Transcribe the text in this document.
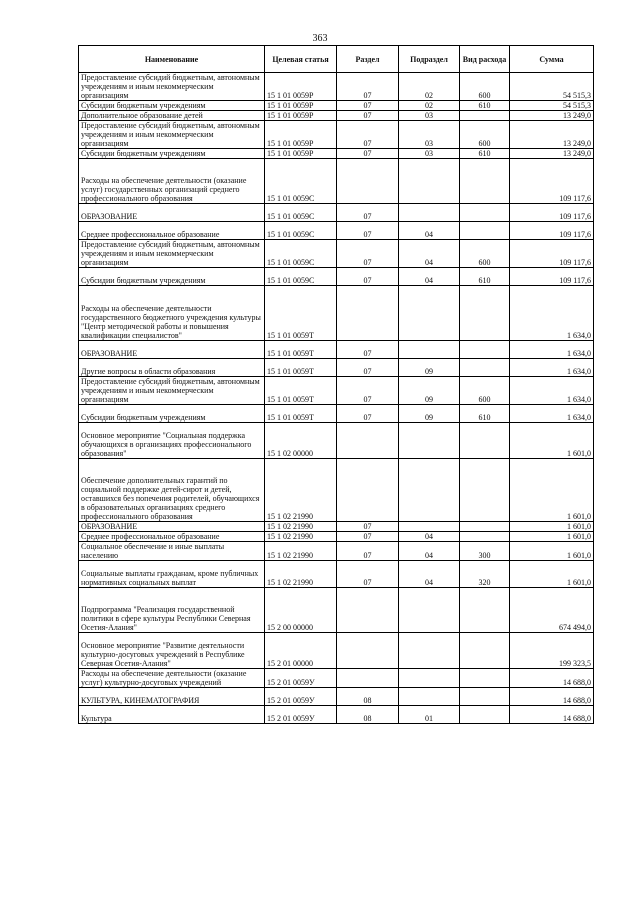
363
Наименование	Целевая статья	Раздел	Подраздел	Вид расхода	Сумма
Предоставление субсидий бюджетным, автономным учреждениям и иным некоммерческим организациям	15 1 01 0059Р	07	02	600	54 515,3
Субсидии бюджетным учреждениям	15 1 01 0059Р	07	02	610	54 515,3
Дополнительное образование детей	15 1 01 0059Р	07	03		13 249,0
Предоставление субсидий бюджетным, автономным учреждениям и иным некоммерческим организациям	15 1 01 0059Р	07	03	600	13 249,0
Субсидии бюджетным учреждениям	15 1 01 0059Р	07	03	610	13 249,0
Расходы на обеспечение деятельности (оказание услуг) государственных организаций среднего профессионального образования	15 1 01 0059С				109 117,6
ОБРАЗОВАНИЕ	15 1 01 0059С	07			109 117,6
Среднее профессиональное образование	15 1 01 0059С	07	04		109 117,6
Предоставление субсидий бюджетным, автономным учреждениям и иным некоммерческим организациям	15 1 01 0059С	07	04	600	109 117,6
Субсидии бюджетным учреждениям	15 1 01 0059С	07	04	610	109 117,6
Расходы на обеспечение деятельности государственного бюджетного учреждения культуры "Центр методической работы и повышения квалификации специалистов"	15 1 01 0059Т				1 634,0
ОБРАЗОВАНИЕ	15 1 01 0059Т	07			1 634,0
Другие вопросы в области образования	15 1 01 0059Т	07	09		1 634,0
Предоставление субсидий бюджетным, автономным учреждениям и иным некоммерческим организациям	15 1 01 0059Т	07	09	600	1 634,0
Субсидии бюджетным учреждениям	15 1 01 0059Т	07	09	610	1 634,0
Основное мероприятие "Социальная поддержка обучающихся в организациях профессионального образования"	15 1 02 00000				1 601,0
Обеспечение дополнительных гарантий по социальной поддержке детей-сирот и детей, оставшихся без попечения родителей, обучающихся в образовательных организациях среднего профессионального образования	15 1 02 21990				1 601,0
ОБРАЗОВАНИЕ	15 1 02 21990	07			1 601,0
Среднее профессиональное образование	15 1 02 21990	07	04		1 601,0
Социальное обеспечение и иные выплаты населению	15 1 02 21990	07	04	300	1 601,0
Социальные выплаты гражданам, кроме публичных нормативных социальных выплат	15 1 02 21990	07	04	320	1 601,0
Подпрограмма "Реализация государственной политики в сфере культуры Республики Северная Осетия-Алания"	15 2 00 00000				674 494,0
Основное мероприятие "Развитие деятельности культурно-досуговых учреждений в Республике Северная Осетия-Алания"	15 2 01 00000				199 323,5
Расходы на обеспечение деятельности (оказание услуг) культурно-досуговых учреждений	15 2 01 0059У				14 688,0
КУЛЬТУРА, КИНЕМАТОГРАФИЯ	15 2 01 0059У	08			14 688,0
Культура	15 2 01 0059У	08	01		14 688,0
